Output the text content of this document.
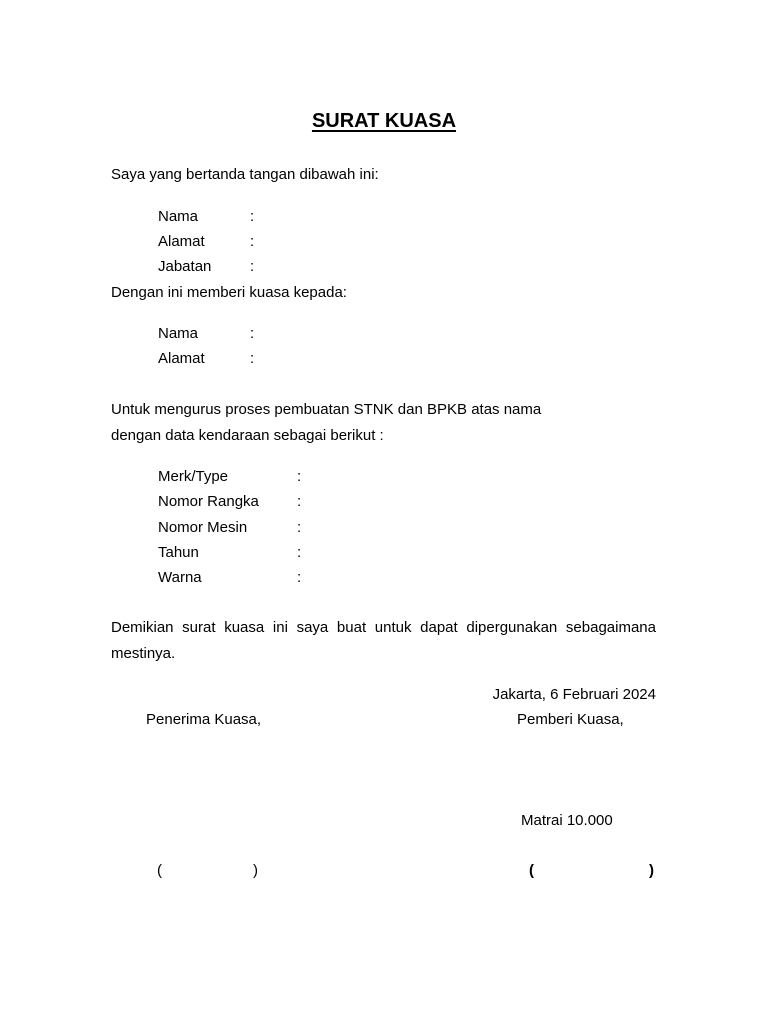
SURAT KUASA
Saya yang bertanda tangan dibawah ini:
Nama	:
Alamat	:
Jabatan	:
Dengan ini memberi kuasa kepada:
Nama	:
Alamat	:
Untuk mengurus proses pembuatan STNK dan BPKB atas nama
dengan data kendaraan sebagai berikut :
Merk/Type	:
Nomor Rangka	:
Nomor Mesin	:
Tahun	:
Warna	:
Demikian surat kuasa ini saya buat untuk dapat dipergunakan sebagaimana
mestinya.
Jakarta, 6 Februari 2024
Penerima Kuasa,	Pemberi Kuasa,
Matrai 10.000
(	)	(	)
